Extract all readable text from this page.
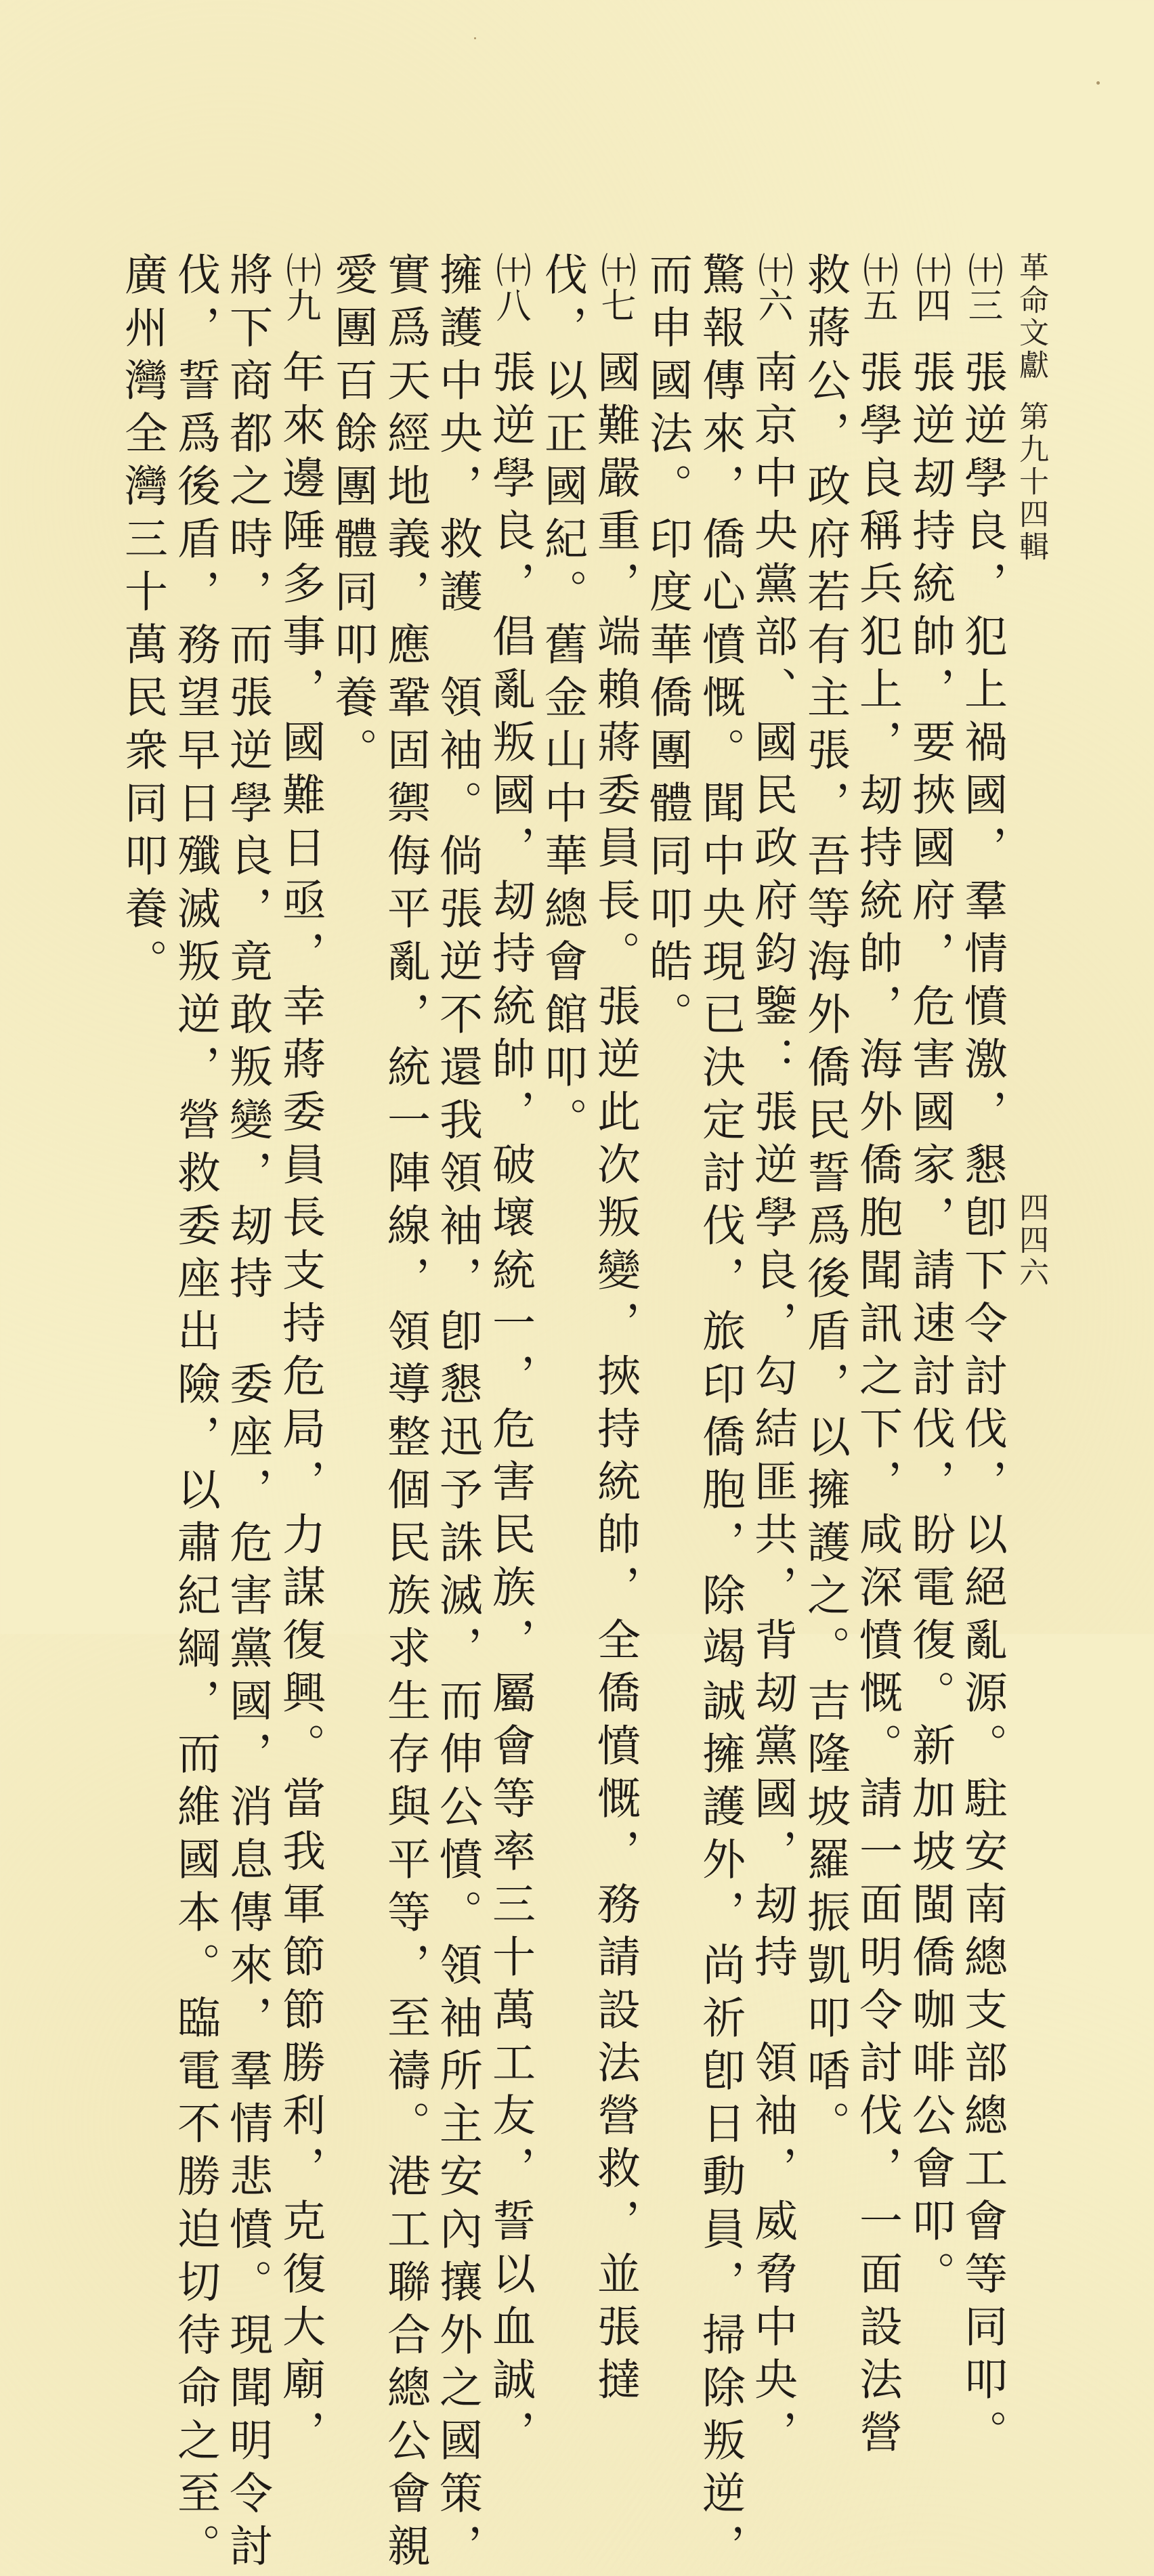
革命文獻第九十四輯
四四六
㈩三張逆學良，犯上禍國，羣情憤激，懇卽下令討伐，以絕亂源。駐安南總支部總工會等同叩。
㈩四張逆刼持統帥，要挾國府，危害國家，請速討伐，盼電復。新加坡閩僑咖啡公會叩。
㈩五張學良稱兵犯上，刼持統帥，海外僑胞聞訊之下，咸深憤慨。請一面明令討伐，一面設法營
救蔣公，政府若有主張，吾等海外僑民誓爲後盾，以擁護之。吉隆坡羅振凱叩㗍。
㈩六南京中央黨部、國民政府鈞鑒：張逆學良，勾結匪共，背刼黨國，刼持　領袖，威脅中央，
驚報傳來，僑心憤慨。聞中央現已決定討伐，旅印僑胞，除竭誠擁護外，尚祈卽日動員，掃除叛逆，
而申國法。印度華僑團體同叩皓。
㈩七國難嚴重，端賴蔣委員長。張逆此次叛變，挾持統帥，全僑憤慨，務請設法營救，並張撻
伐，以正國紀。舊金山中華總會館叩。
㈩八張逆學良，倡亂叛國，刼持統帥，破壞統一，危害民族，屬會等率三十萬工友，誓以血誠，
擁護中央，救護　領袖。倘張逆不還我領袖，卽懇迅予誅滅，而伸公憤。領袖所主安內攘外之國策，
實爲天經地義，應鞏固禦侮平亂，統一陣線，領導整個民族求生存與平等，至禱。港工聯合總公會親
愛團百餘團體同叩養。
㈩九年來邊陲多事，國難日亟，幸蔣委員長支持危局，力謀復興。當我軍節節勝利，克復大廟，
將下商都之時，而張逆學良，竟敢叛變，刼持　委座，危害黨國，消息傳來，羣情悲憤。現聞明令討
伐，誓爲後盾，務望早日殲滅叛逆，營救委座出險，以肅紀綱，而維國本。臨電不勝迫切待命之至。
廣州灣全灣三十萬民衆同叩養。
